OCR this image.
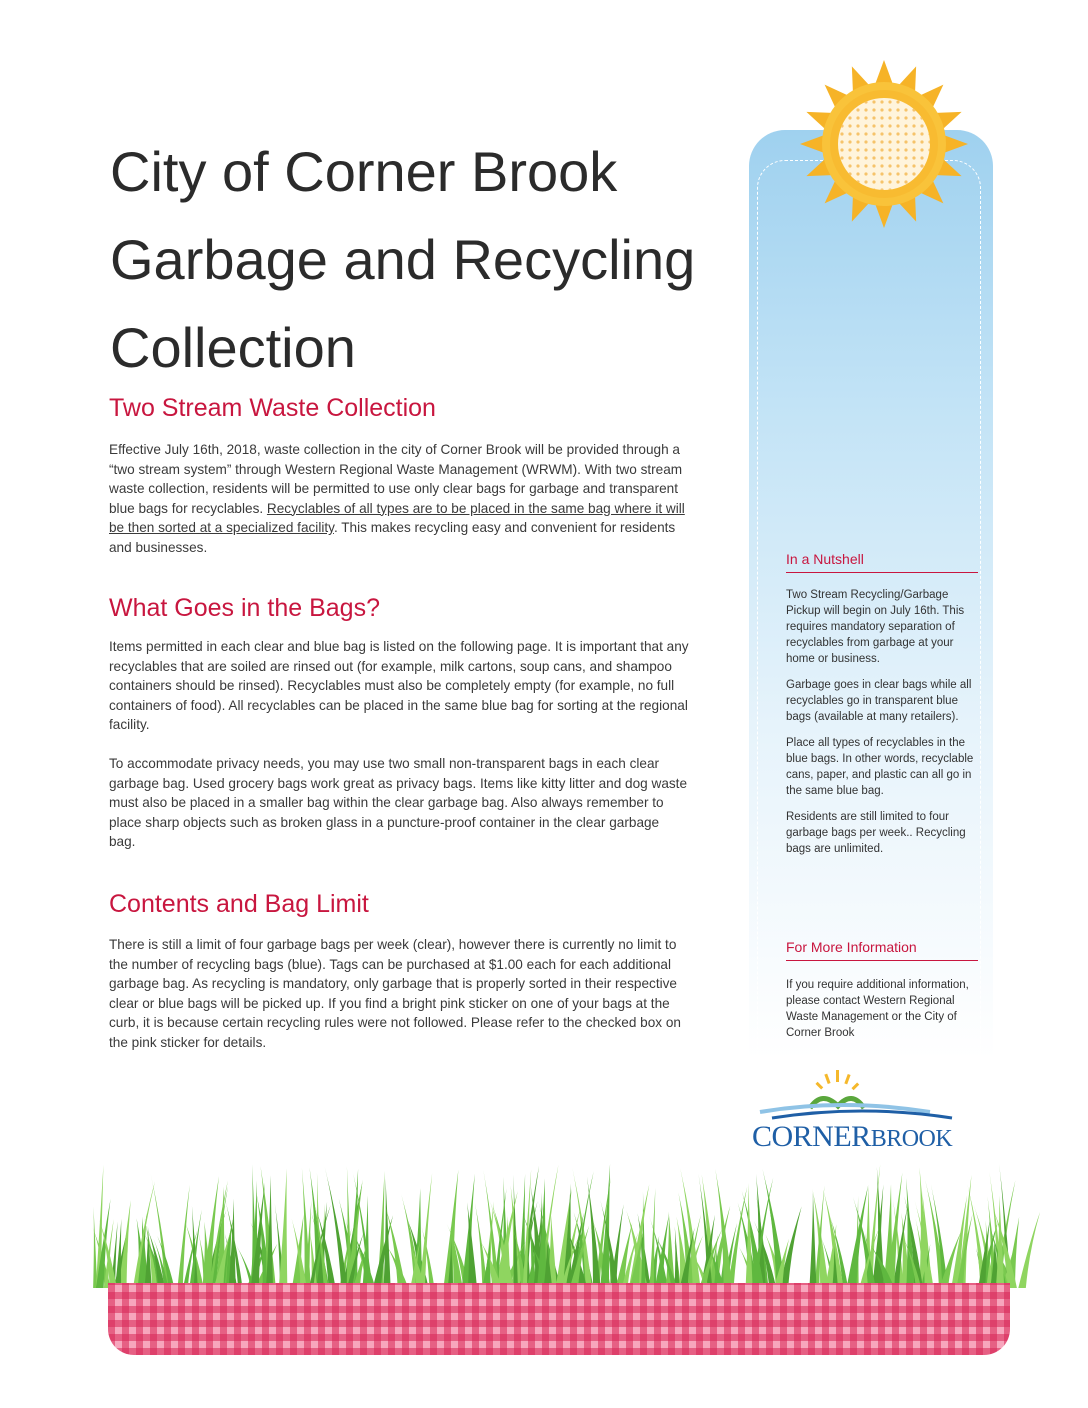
In a Nutshell

Two Stream Recycling/Garbage Pickup will begin on July 16th. This requires mandatory separation of recyclables from garbage at your home or business.

Garbage goes in clear bags while all recyclables go in transparent blue bags (available at many retailers).

Place all types of recyclables in the blue bags. In other words, recyclable cans, paper, and plastic can all go in the same blue bag.

Residents are still limited to four garbage bags per week.. Recycling bags are unlimited.

For More Information

If you require additional information, please contact Western Regional Waste Management or the City of Corner Brook

City of Corner Brook
Garbage and Recycling
Collection
Two Stream Waste Collection

Effective July 16th, 2018, waste collection in the city of Corner Brook will be provided through a “two stream system” through Western Regional Waste Management (WRWM). With two stream waste collection, residents will be permitted to use only clear bags for garbage and transparent blue bags for recyclables. Recyclables of all types are to be placed in the same bag where it will be then sorted at a specialized facility. This makes recycling easy and convenient for residents and businesses.

What Goes in the Bags?

Items permitted in each clear and blue bag is listed on the following page. It is important that any recyclables that are soiled are rinsed out (for example, milk cartons, soup cans, and shampoo containers should be rinsed). Recyclables must also be completely empty (for example, no full containers of food). All recyclables can be placed in the same blue bag for sorting at the regional facility.

To accommodate privacy needs, you may use two small non-transparent bags in each clear garbage bag. Used grocery bags work great as privacy bags. Items like kitty litter and dog waste must also be placed in a smaller bag within the clear garbage bag. Also always remember to place sharp objects such as broken glass in a puncture-proof container in the clear garbage bag.

Contents and Bag Limit

There is still a limit of four garbage bags per week (clear), however there is currently no limit to the number of recycling bags (blue). Tags can be purchased at $1.00 each for each additional garbage bag. As recycling is mandatory, only garbage that is properly sorted in their respective clear or blue bags will be picked up. If you find a bright pink sticker on one of your bags at the curb, it is because certain recycling rules were not followed. Please refer to the checked box on the pink sticker for details.

CORNERBROOK
